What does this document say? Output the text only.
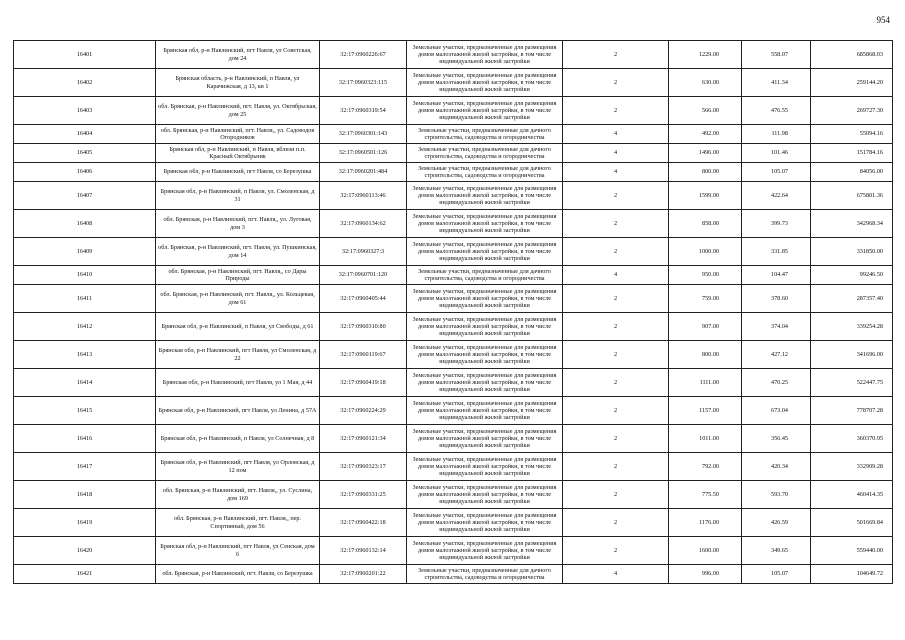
954
16401	Брянская обл, р-н Навлинский, пгт Навля, ул Советская, дом 24	32:17:0960226:67	Земельные участки, предназначенные для размещения домов малоэтажной жилой застройки, в том числе индивидуальной жилой застройки	2	1229.00	558.07	685868.03
16402	Брянская область, р-н Навлинский, п Навля, ул Карачижская, д 13, кв 1	32:17:0960323:115	Земельные участки, предназначенные для размещения домов малоэтажной жилой застройки, в том числе индивидуальной жилой застройки	2	630.00	411.34	259144.20
16403	обл. Брянская, р-н Навлинский, пгт. Навля, ул. Октябрьская, дом 25	32:17:0960319:54	Земельные участки, предназначенные для размещения домов малоэтажной жилой застройки, в том числе индивидуальной жилой застройки	2	566.00	476.55	269727.30
16404	обл. Брянская, р-н Навлинский, пгт. Навля,, ул. Садоводов Огородников	32:17:0960301:143	Земельные участки, предназначенные для дачного строительства, садоводства и огородничества	4	492.00	111.98	55094.16
16405	Брянская обл, р-н Навлинский, п Навля, вблизи п.п. Красный Октябрьник	32:17:0960501:126	Земельные участки, предназначенные для дачного строительства, садоводства и огородничества	4	1496.00	101.46	151784.16
16406	Брянская обл, р-н Навлинский, пгт Навля, со Березушка	32:17:0960201:484	Земельные участки, предназначенные для дачного строительства, садоводства и огородничества	4	800.00	105.07	84056.00
16407	Брянская обл, р-н Навлинский, п Навля, ул. Смоленская, д 31	32:17:0960113:46	Земельные участки, предназначенные для размещения домов малоэтажной жилой застройки, в том числе индивидуальной жилой застройки	2	1599.00	422.64	675801.36
16408	обл. Брянская, р-н Навлинский, пгт. Навля,, ул. Луговая, дом 3	32:17:0960134:62	Земельные участки, предназначенные для размещения домов малоэтажной жилой застройки, в том числе индивидуальной жилой застройки	2	858.00	399.73	342968.34
16409	обл. Брянская, р-н Навлинский, пгт. Навля, ул. Пушкинская, дом 14	32:17:0960327:3	Земельные участки, предназначенные для размещения домов малоэтажной жилой застройки, в том числе индивидуальной жилой застройки	2	1000.00	331.85	331850.00
16410	обл. Брянская, р-н Навлинский, пгт. Навля,, со Дары Природы	32:17:0960701:120	Земельные участки, предназначенные для дачного строительства, садоводства и огородничества	4	950.00	104.47	99246.50
16411	обл. Брянская, р-н Навлинский, пгт. Навля,, ул. Кольцевая, дом 61	32:17:0960405:44	Земельные участки, предназначенные для размещения домов малоэтажной жилой застройки, в том числе индивидуальной жилой застройки	2	759.00	378.60	287357.40
16412	Брянская обл, р-н Навлинский, п Навля, ул Свободы, д 61	32:17:0960310:80	Земельные участки, предназначенные для размещения домов малоэтажной жилой застройки, в том числе индивидуальной жилой застройки	2	907.00	374.04	339254.28
16413	Брянская обл, р-н Навлинский, пгт Навля, ул Смоленская, д 22	32:17:0960119:67	Земельные участки, предназначенные для размещения домов малоэтажной жилой застройки, в том числе индивидуальной жилой застройки	2	800.00	427.12	341696.00
16414	Брянская обл, р-н Навлинский, пгт Навля, ул 1 Мая, д 44	32:17:0960419:18	Земельные участки, предназначенные для размещения домов малоэтажной жилой застройки, в том числе индивидуальной жилой застройки	2	1111.00	470.25	522447.75
16415	Брянская обл, р-н Навлинский, пгт Навля, ул Ленина, д 57А	32:17:0960224:29	Земельные участки, предназначенные для размещения домов малоэтажной жилой застройки, в том числе индивидуальной жилой застройки	2	1157.00	673.04	778707.28
16416	Брянская обл, р-н Навлинский, п Навля, ул Солнечная, д 8	32:17:0960121:34	Земельные участки, предназначенные для размещения домов малоэтажной жилой застройки, в том числе индивидуальной жилой застройки	2	1011.00	356.45	360370.95
16417	Брянская обл, р-н Навлинский, пгт Навля, ул Орловская, д 12 пом	32:17:0960323:17	Земельные участки, предназначенные для размещения домов малоэтажной жилой застройки, в том числе индивидуальной жилой застройки	2	792.00	420.34	332909.28
16418	обл. Брянская, р-н Навлинский, пгт. Навля,, ул. Суслина, дом 169	32:17:0960331:25	Земельные участки, предназначенные для размещения домов малоэтажной жилой застройки, в том числе индивидуальной жилой застройки	2	775.50	593.70	460414.35
16419	обл. Брянская, р-н Навлинский, пгт. Навля,, пер. Спортивный, дом 56	32:17:0960422:18	Земельные участки, предназначенные для размещения домов малоэтажной жилой застройки, в том числе индивидуальной жилой застройки	2	1176.00	426.59	501669.84
16420	Брянская обл, р-н Навлинский, пгт Навля, ул Сенская, дом 6	32:17:0960132:14	Земельные участки, предназначенные для размещения домов малоэтажной жилой застройки, в том числе индивидуальной жилой застройки	2	1600.00	349.65	559440.00
16421	обл. Брянская, р-н Навлинский, пгт. Навля, со Березушка	32:17:0960201:22	Земельные участки, предназначенные для дачного строительства, садоводства и огородничества	4	996.00	105.07	104649.72
